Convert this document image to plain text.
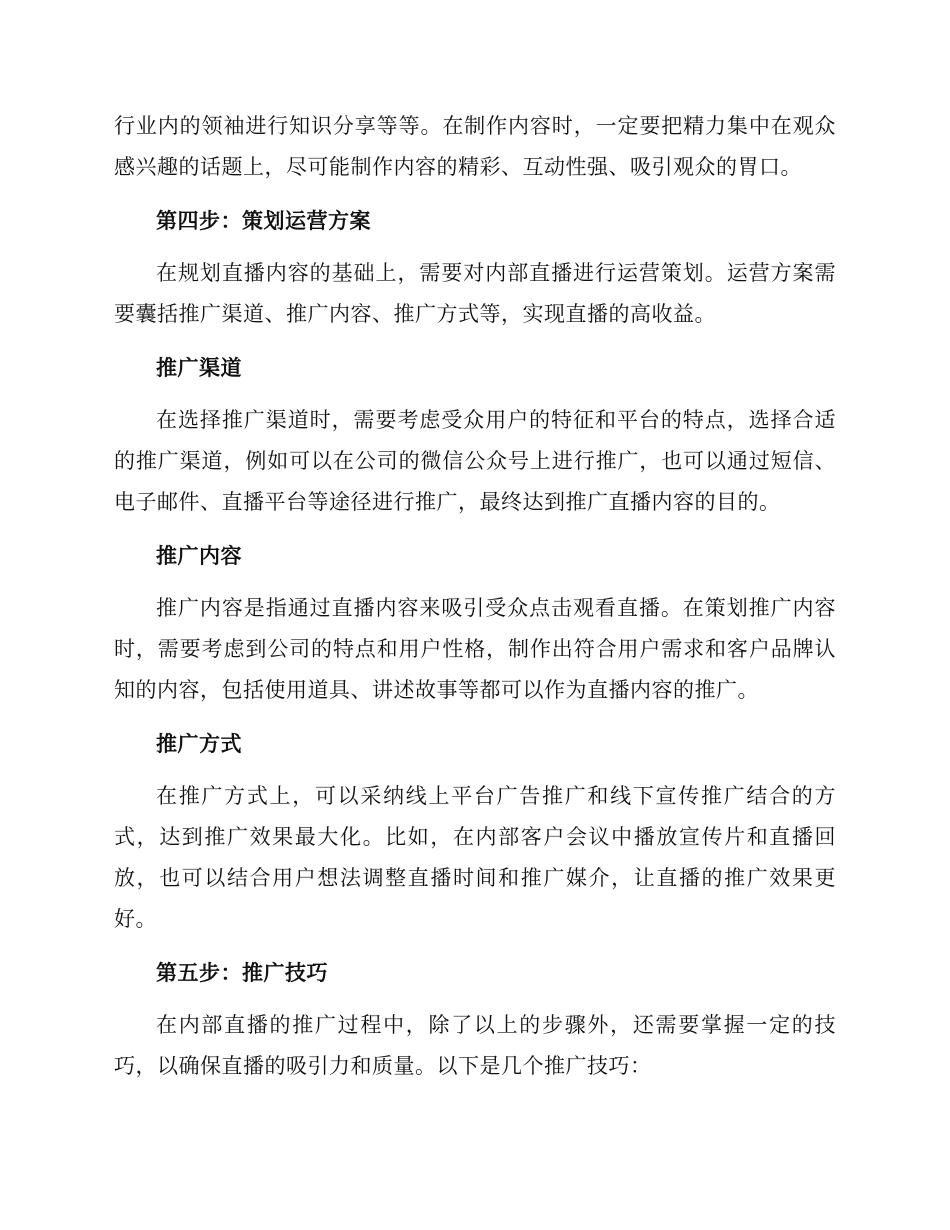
行业内的领袖进行知识分享等等。在制作内容时，一定要把精力集中在观众感兴趣的话题上，尽可能制作内容的精彩、互动性强、吸引观众的胃口。

第四步：策划运营方案

在规划直播内容的基础上，需要对内部直播进行运营策划。运营方案需要囊括推广渠道、推广内容、推广方式等，实现直播的高收益。

推广渠道

在选择推广渠道时，需要考虑受众用户的特征和平台的特点，选择合适的推广渠道，例如可以在公司的微信公众号上进行推广，也可以通过短信、电子邮件、直播平台等途径进行推广，最终达到推广直播内容的目的。

推广内容

推广内容是指通过直播内容来吸引受众点击观看直播。在策划推广内容时，需要考虑到公司的特点和用户性格，制作出符合用户需求和客户品牌认知的内容，包括使用道具、讲述故事等都可以作为直播内容的推广。

推广方式

在推广方式上，可以采纳线上平台广告推广和线下宣传推广结合的方式，达到推广效果最大化。比如，在内部客户会议中播放宣传片和直播回放，也可以结合用户想法调整直播时间和推广媒介，让直播的推广效果更好。

第五步：推广技巧

在内部直播的推广过程中，除了以上的步骤外，还需要掌握一定的技巧，以确保直播的吸引力和质量。以下是几个推广技巧：
